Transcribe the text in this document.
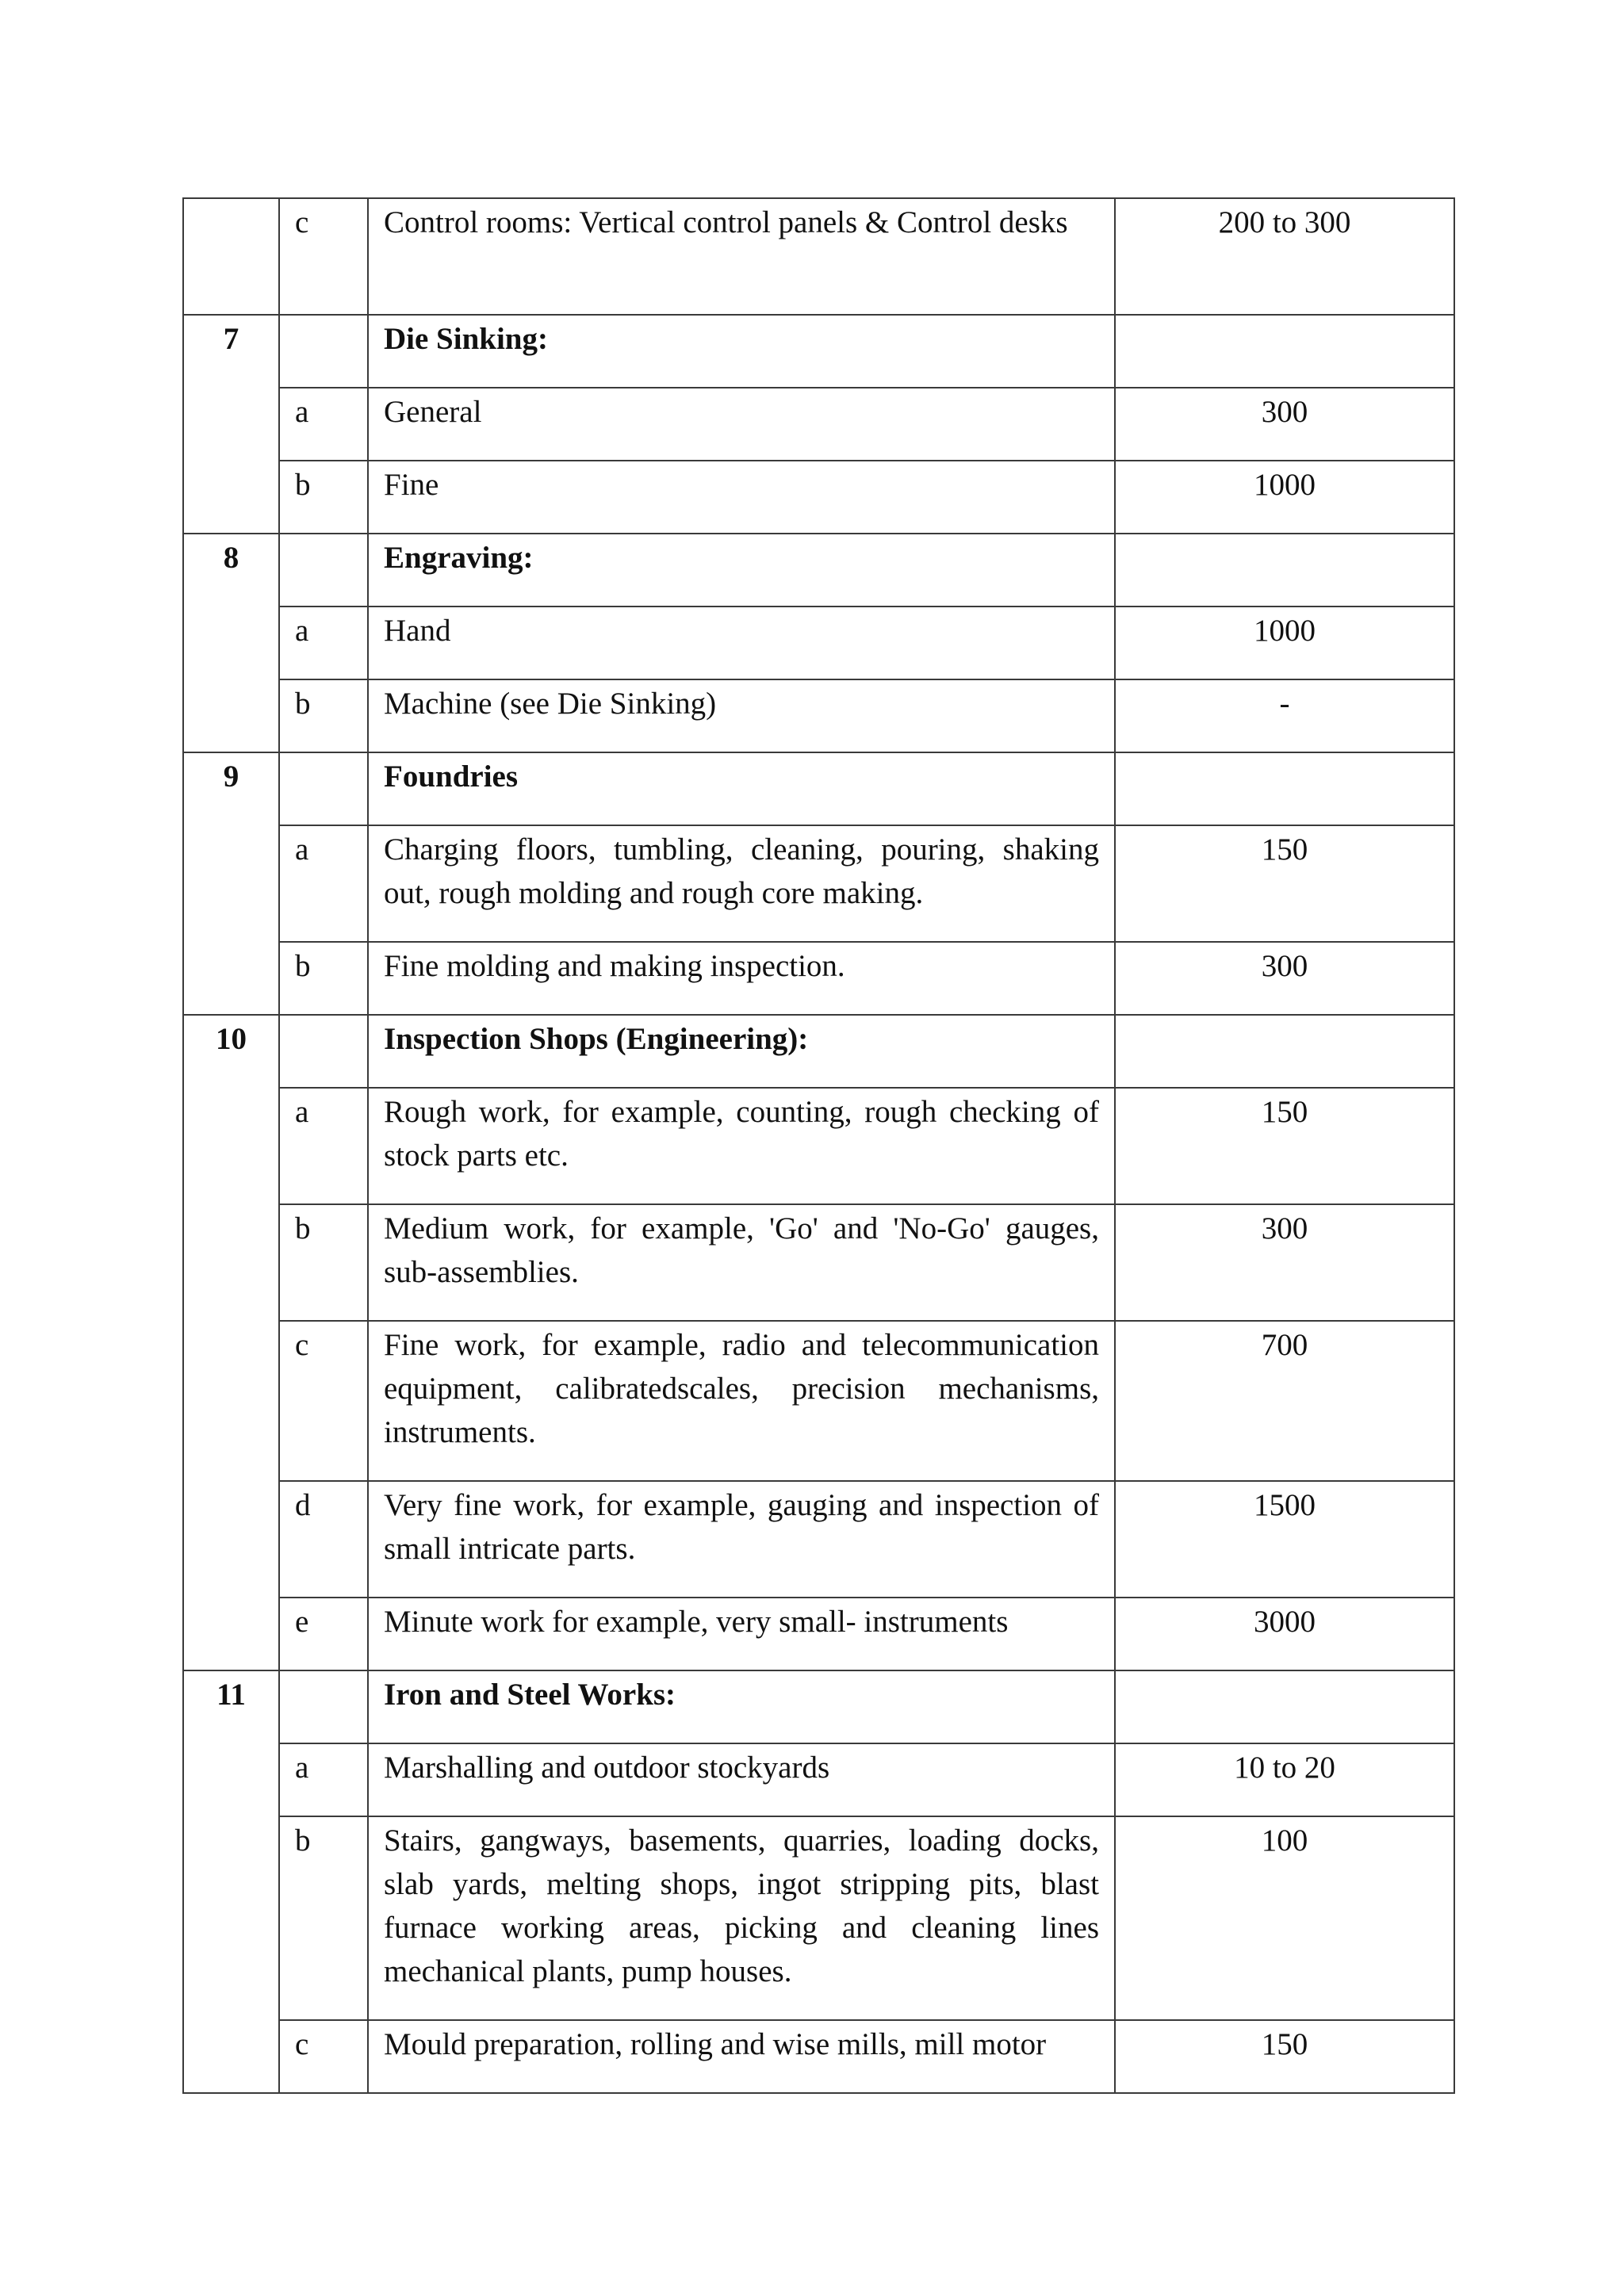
	c	Control rooms: Vertical control panels & Control desks	200 to 300
7		Die Sinking:	
	a	General	300
	b	Fine	1000
8		Engraving:	
	a	Hand	1000
	b	Machine (see Die Sinking)	-
9		Foundries	
	a	Charging floors, tumbling, cleaning, pouring, shaking out, rough molding and rough core making.	150
	b	Fine molding and making inspection.	300
10		Inspection Shops (Engineering):	
	a	Rough work, for example, counting, rough checking of stock parts etc.	150
	b	Medium work, for example, 'Go' and 'No-Go' gauges, sub-assemblies.	300
	c	Fine work, for example, radio and telecommunication equipment, calibratedscales, precision mechanisms, instruments.	700
	d	Very fine work, for example, gauging and inspection of small intricate parts.	1500
	e	Minute work for example, very small- instruments	3000
11		Iron and Steel Works:	
	a	Marshalling and outdoor stockyards	10 to 20
	b	Stairs, gangways, basements, quarries, loading docks, slab yards, melting shops, ingot stripping pits, blast furnace working areas, picking and cleaning lines mechanical plants, pump houses.	100
	c	Mould preparation, rolling and wise mills, mill motor	150
